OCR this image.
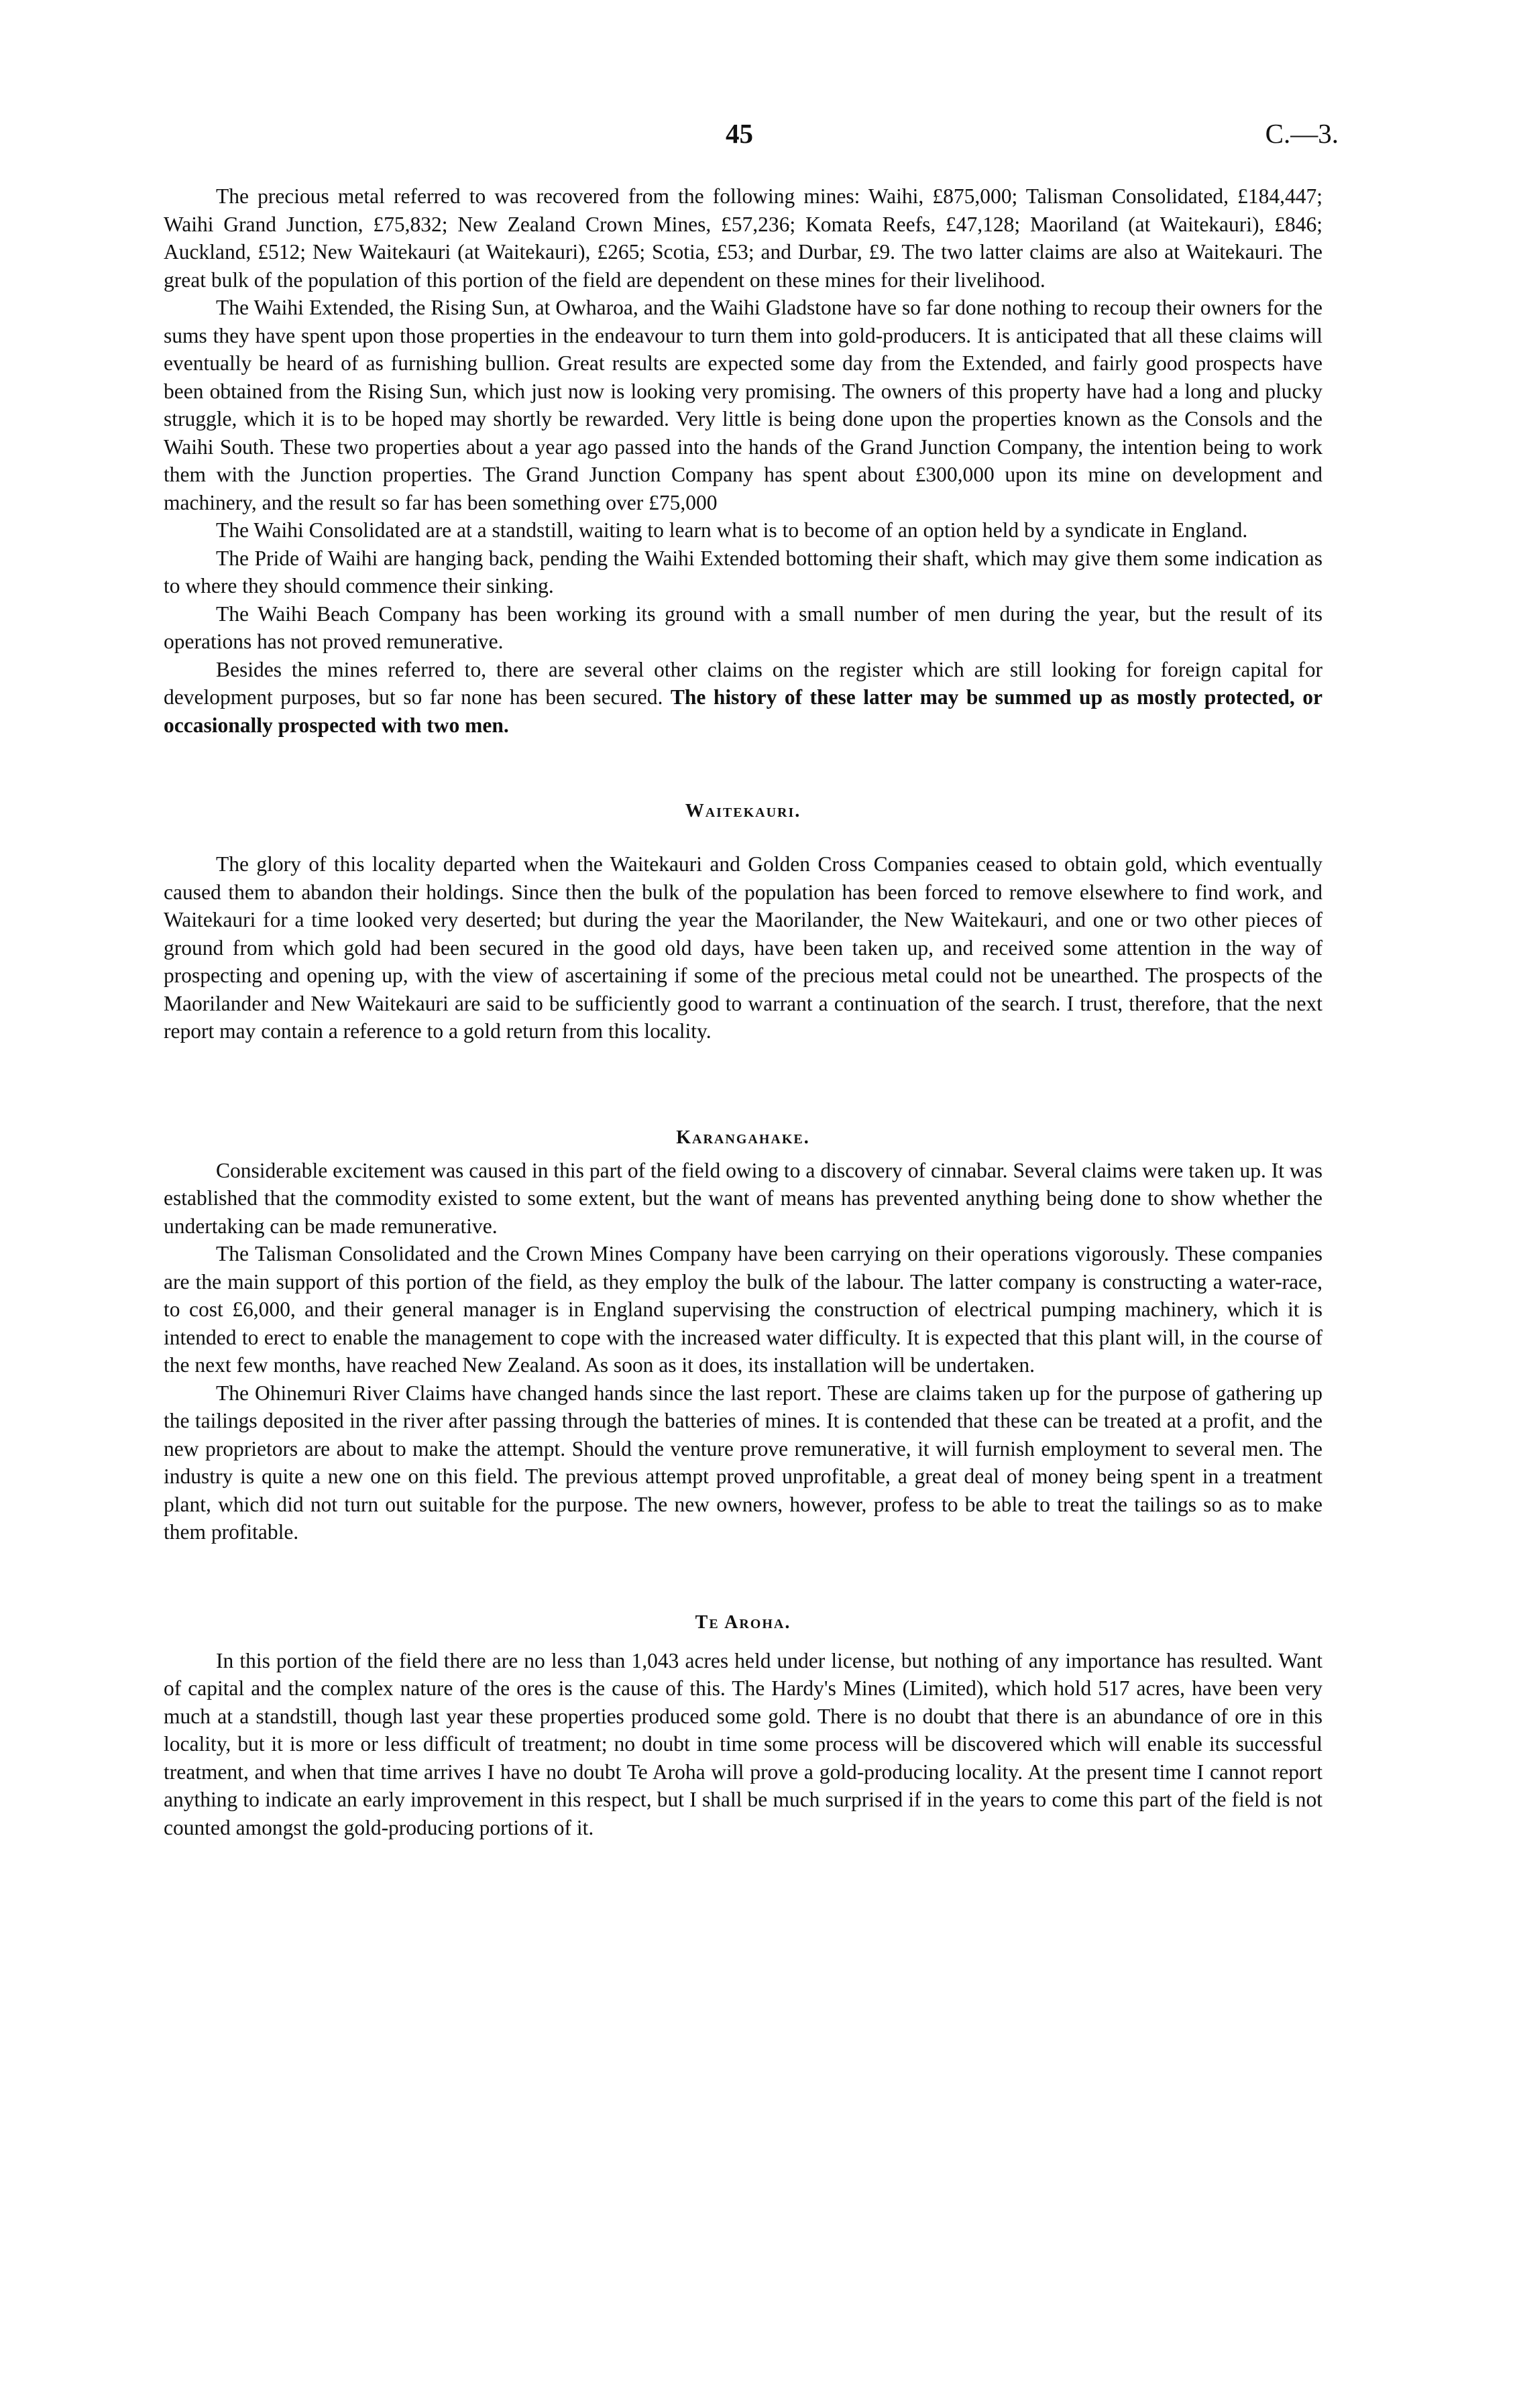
45	C.—3.

The precious metal referred to was recovered from the following mines: Waihi, £875,000; Talisman Consolidated, £184,447; Waihi Grand Junction, £75,832; New Zealand Crown Mines, £57,236; Komata Reefs, £47,128; Maoriland (at Waitekauri), £846; Auckland, £512; New Waitekauri (at Waitekauri), £265; Scotia, £53; and Durbar, £9. The two latter claims are also at Waitekauri. The great bulk of the population of this portion of the field are dependent on these mines for their livelihood.

The Waihi Extended, the Rising Sun, at Owharoa, and the Waihi Gladstone have so far done nothing to recoup their owners for the sums they have spent upon those properties in the endeavour to turn them into gold-producers. It is anticipated that all these claims will eventually be heard of as furnishing bullion. Great results are expected some day from the Extended, and fairly good prospects have been obtained from the Rising Sun, which just now is looking very promising. The owners of this property have had a long and plucky struggle, which it is to be hoped may shortly be rewarded. Very little is being done upon the properties known as the Consols and the Waihi South. These two properties about a year ago passed into the hands of the Grand Junction Company, the intention being to work them with the Junction properties. The Grand Junction Company has spent about £300,000 upon its mine on development and machinery, and the result so far has been something over £75,000

The Waihi Consolidated are at a standstill, waiting to learn what is to become of an option held by a syndicate in England.

The Pride of Waihi are hanging back, pending the Waihi Extended bottoming their shaft, which may give them some indication as to where they should commence their sinking.

The Waihi Beach Company has been working its ground with a small number of men during the year, but the result of its operations has not proved remunerative.

Besides the mines referred to, there are several other claims on the register which are still looking for foreign capital for development purposes, but so far none has been secured. The history of these latter may be summed up as mostly protected, or occasionally prospected with two men.

Waitekauri.

The glory of this locality departed when the Waitekauri and Golden Cross Companies ceased to obtain gold, which eventually caused them to abandon their holdings. Since then the bulk of the population has been forced to remove elsewhere to find work, and Waitekauri for a time looked very deserted; but during the year the Maorilander, the New Waitekauri, and one or two other pieces of ground from which gold had been secured in the good old days, have been taken up, and received some attention in the way of prospecting and opening up, with the view of ascertaining if some of the precious metal could not be unearthed. The prospects of the Maorilander and New Waitekauri are said to be sufficiently good to warrant a continuation of the search. I trust, therefore, that the next report may contain a reference to a gold return from this locality.

Karangahake.

Considerable excitement was caused in this part of the field owing to a discovery of cinnabar. Several claims were taken up. It was established that the commodity existed to some extent, but the want of means has prevented anything being done to show whether the undertaking can be made remunerative.

The Talisman Consolidated and the Crown Mines Company have been carrying on their operations vigorously. These companies are the main support of this portion of the field, as they employ the bulk of the labour. The latter company is constructing a water-race, to cost £6,000, and their general manager is in England supervising the construction of electrical pumping machinery, which it is intended to erect to enable the management to cope with the increased water difficulty. It is expected that this plant will, in the course of the next few months, have reached New Zealand. As soon as it does, its installation will be undertaken.

The Ohinemuri River Claims have changed hands since the last report. These are claims taken up for the purpose of gathering up the tailings deposited in the river after passing through the batteries of mines. It is contended that these can be treated at a profit, and the new proprietors are about to make the attempt. Should the venture prove remunerative, it will furnish employment to several men. The industry is quite a new one on this field. The previous attempt proved unprofitable, a great deal of money being spent in a treatment plant, which did not turn out suitable for the purpose. The new owners, however, profess to be able to treat the tailings so as to make them profitable.

Te Aroha.

In this portion of the field there are no less than 1,043 acres held under license, but nothing of any importance has resulted. Want of capital and the complex nature of the ores is the cause of this. The Hardy's Mines (Limited), which hold 517 acres, have been very much at a standstill, though last year these properties produced some gold. There is no doubt that there is an abundance of ore in this locality, but it is more or less difficult of treatment; no doubt in time some process will be discovered which will enable its successful treatment, and when that time arrives I have no doubt Te Aroha will prove a gold-producing locality. At the present time I cannot report anything to indicate an early improvement in this respect, but I shall be much surprised if in the years to come this part of the field is not counted amongst the gold-producing portions of it.
